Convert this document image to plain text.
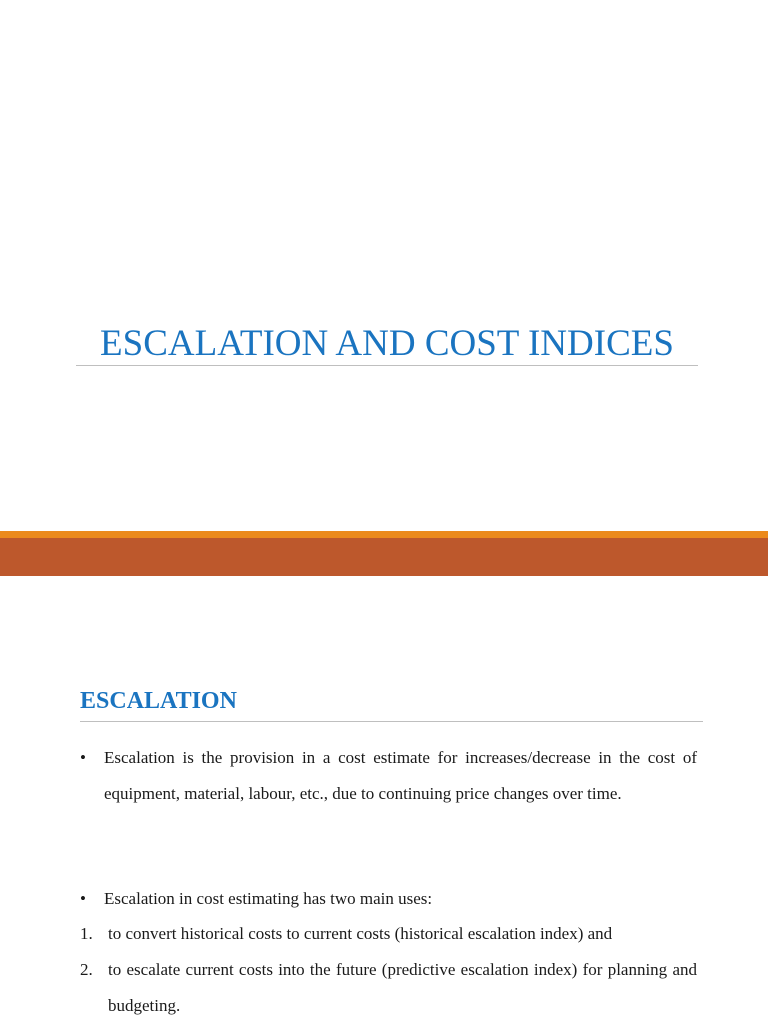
ESCALATION AND COST INDICES
ESCALATION

• Escalation is the provision in a cost estimate for increases/decrease in the cost of equipment, material, labour, etc., due to continuing price changes over time.

• Escalation in cost estimating has two main uses:

1. to convert historical costs to current costs (historical escalation index) and

2. to escalate current costs into the future (predictive escalation index) for planning and budgeting.
